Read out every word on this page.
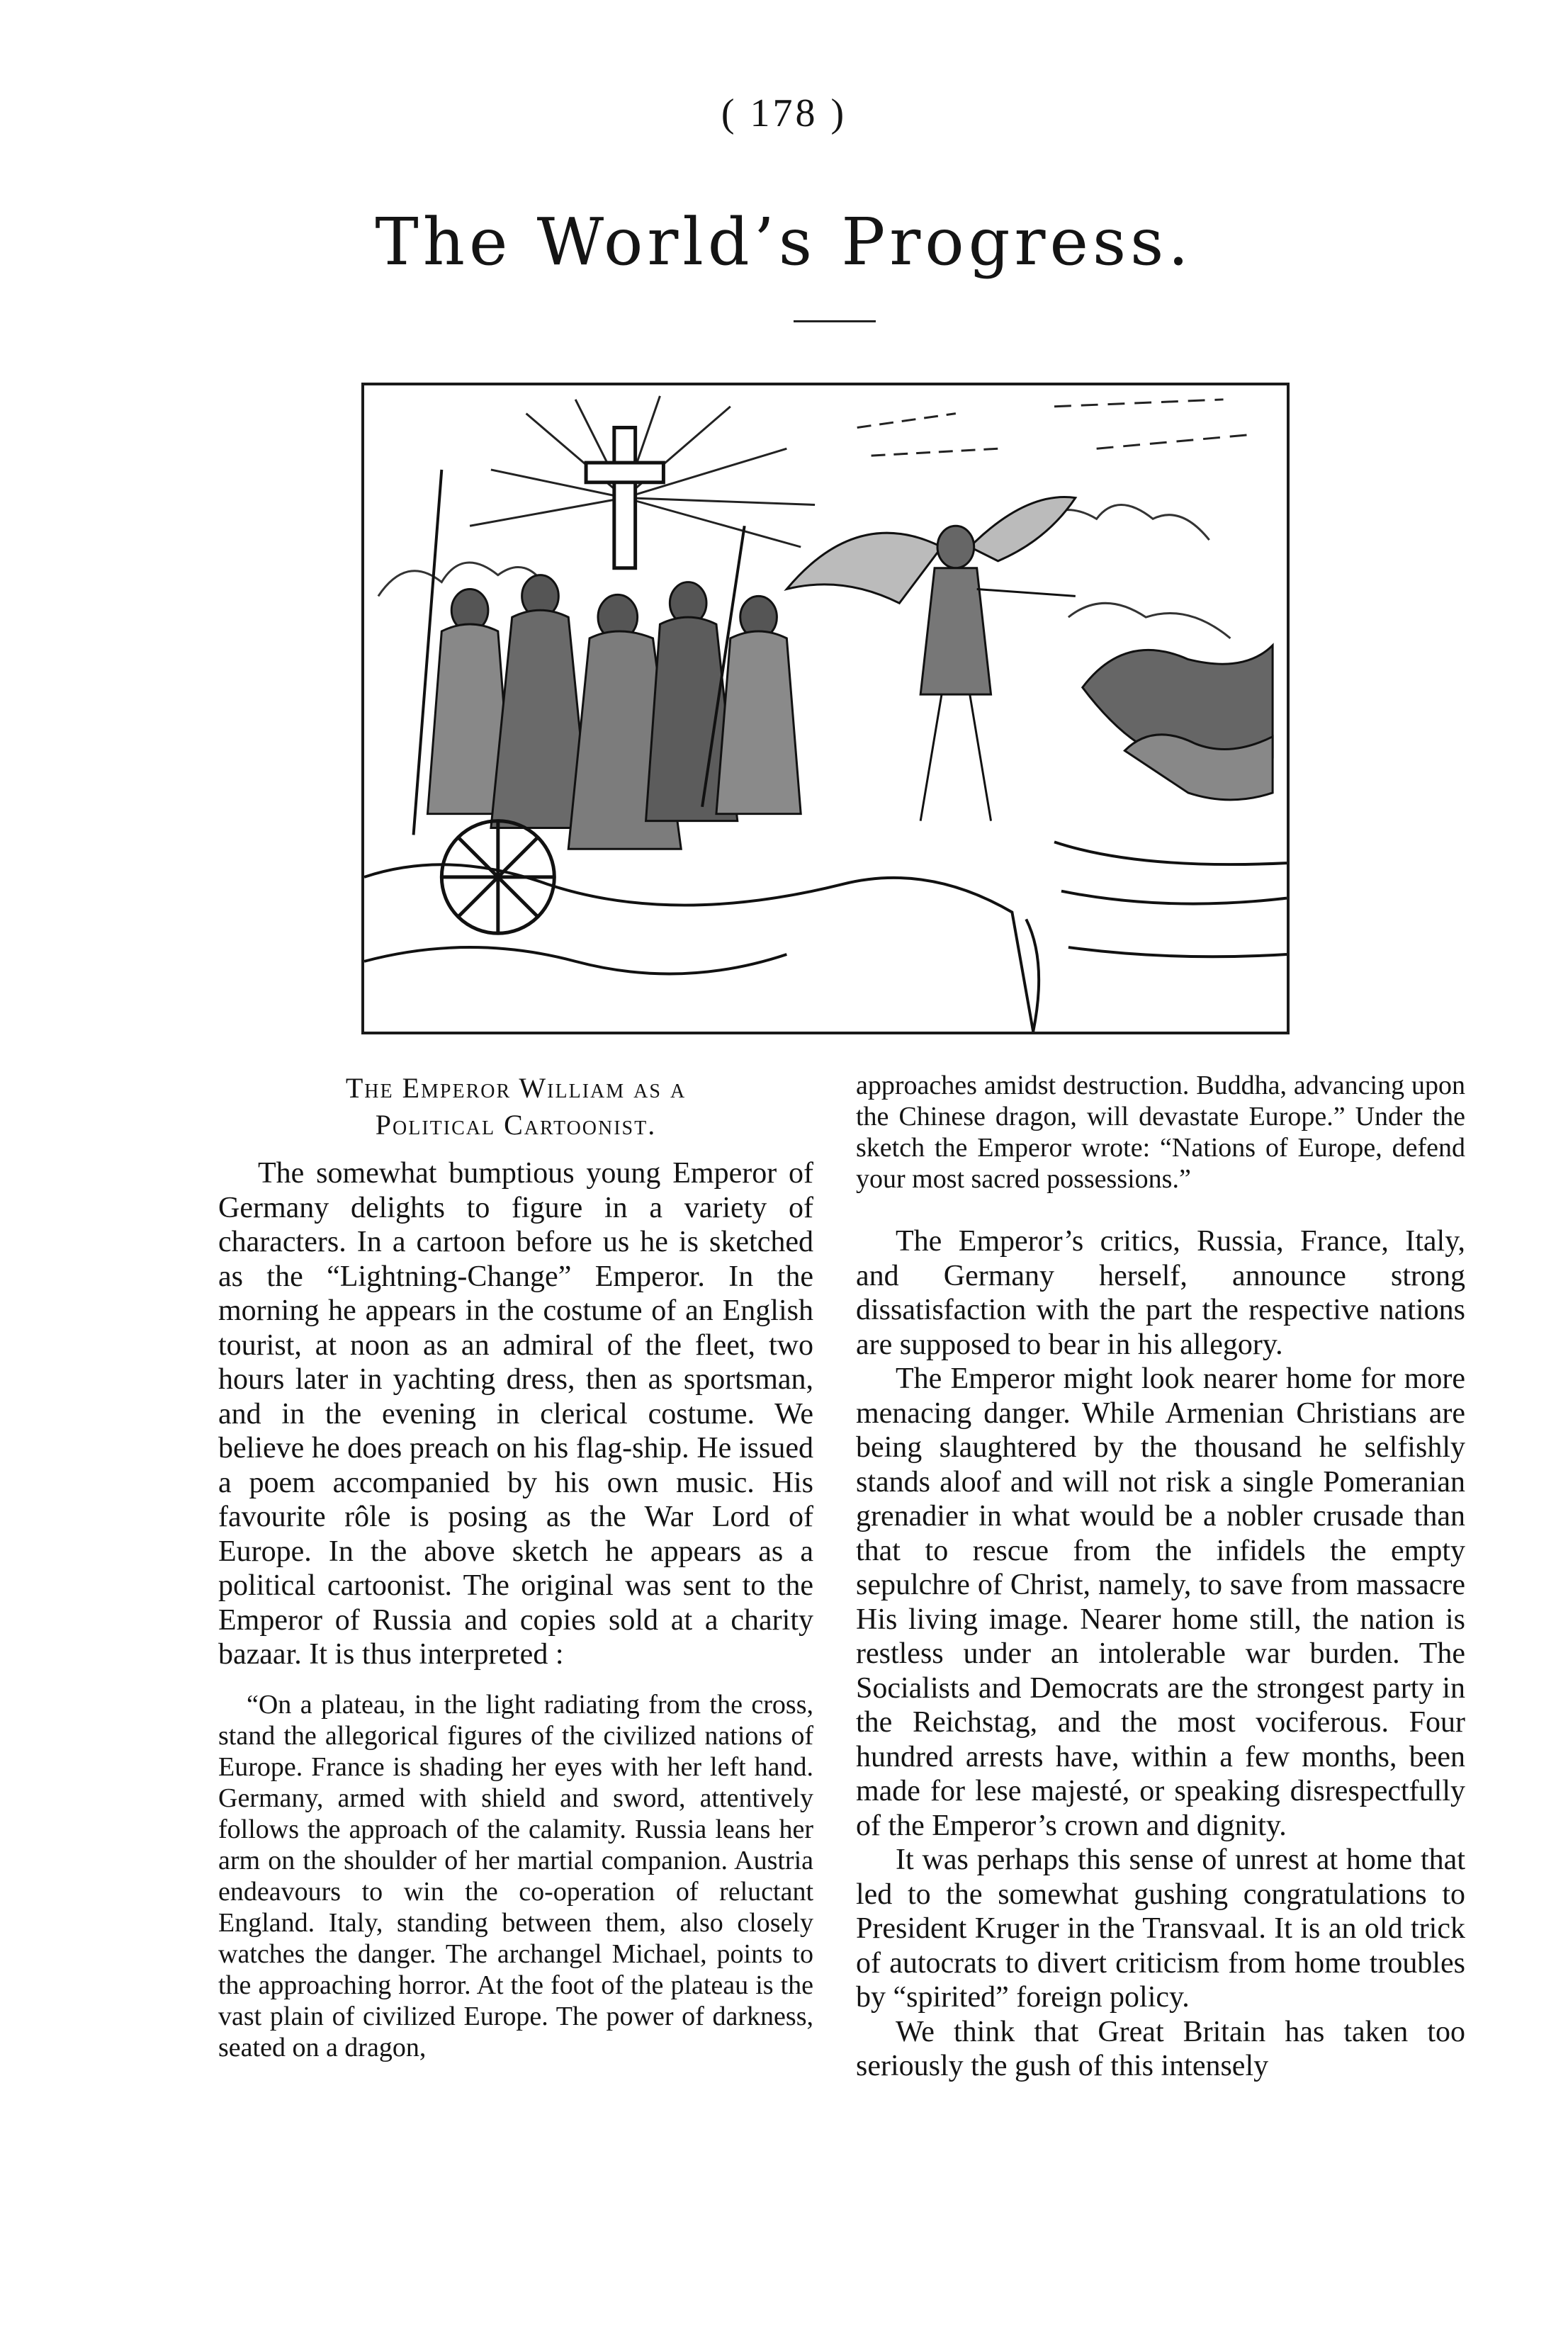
( 178 )
The World’s Progress.
The Emperor William as a
Political Cartoonist.

The somewhat bumptious young Emperor of Germany delights to figure in a variety of characters. In a cartoon before us he is sketched as the “Lightning-Change” Emperor. In the morning he appears in the costume of an English tourist, at noon as an admiral of the fleet, two hours later in yachting dress, then as sportsman, and in the evening in clerical costume. We believe he does preach on his flag-ship. He issued a poem accompanied by his own music. His favourite rôle is posing as the War Lord of Europe. In the above sketch he appears as a political cartoonist. The original was sent to the Emperor of Russia and copies sold at a charity bazaar. It is thus interpreted :

“On a plateau, in the light radiating from the cross, stand the allegorical figures of the civilized nations of Europe. France is shading her eyes with her left hand. Germany, armed with shield and sword, attentively follows the approach of the calamity. Russia leans her arm on the shoulder of her martial companion. Austria endeavours to win the co-operation of reluctant England. Italy, standing between them, also closely watches the danger. The archangel Michael, points to the approaching horror. At the foot of the plateau is the vast plain of civilized Europe. The power of darkness, seated on a dragon,

approaches amidst destruction. Buddha, advancing upon the Chinese dragon, will devastate Europe.” Under the sketch the Emperor wrote: “Nations of Europe, defend your most sacred possessions.”

The Emperor’s critics, Russia, France, Italy, and Germany herself, announce strong dissatisfaction with the part the respective nations are supposed to bear in his allegory.

The Emperor might look nearer home for more menacing danger. While Armenian Christians are being slaughtered by the thousand he selfishly stands aloof and will not risk a single Pomeranian grenadier in what would be a nobler crusade than that to rescue from the infidels the empty sepulchre of Christ, namely, to save from massacre His living image. Nearer home still, the nation is restless under an intolerable war burden. The Socialists and Democrats are the strongest party in the Reichstag, and the most vociferous. Four hundred arrests have, within a few months, been made for lese majesté, or speaking disrespectfully of the Emperor’s crown and dignity.

It was perhaps this sense of unrest at home that led to the somewhat gushing congratulations to President Kruger in the Transvaal. It is an old trick of autocrats to divert criticism from home troubles by “spirited” foreign policy.

We think that Great Britain has taken too seriously the gush of this intensely
